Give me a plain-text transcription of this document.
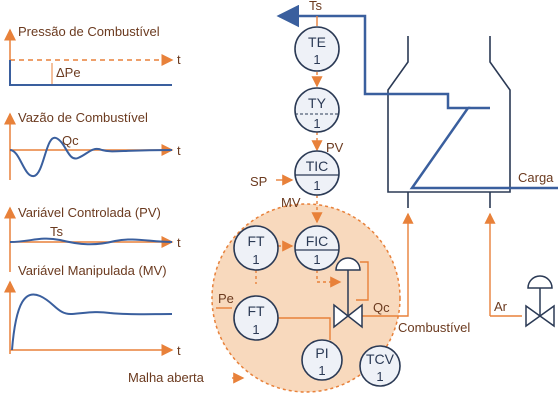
Pressão de Combustível
t
ΔPe
Vazão de Combustível
t
Qc
Variável Controlada (PV)
t
Ts
Variável Manipulada (MV)
t
TE
1
TY
1
TIC
1
FT
1
FIC
1
FT
1
PI
1
TCV
1
Ts
PV
SP
MV
Pe
Qc
Combustível
Ar
Carga
Malha aberta
